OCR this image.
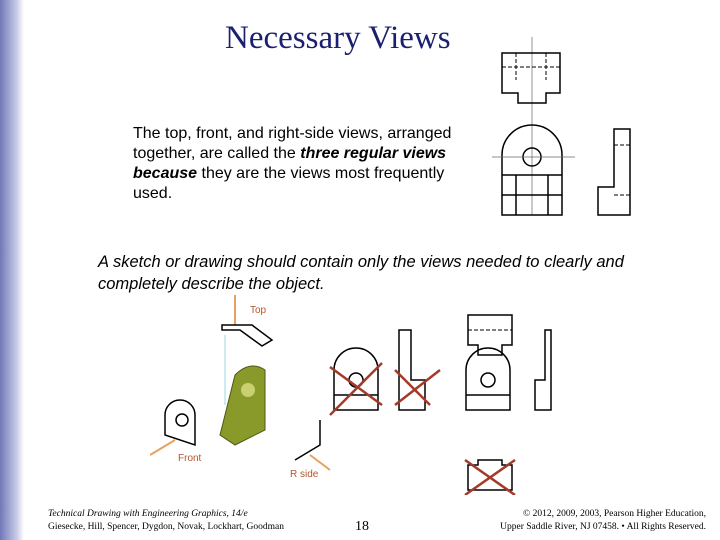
Necessary Views
The top, front, and right-side views, arranged together, are called the three regular views because they are the views most frequently used.
A sketch or drawing should contain only the views needed to clearly and completely describe the object.
Top
Front
R side
Technical Drawing with Engineering Graphics, 14/e
Giesecke, Hill, Spencer, Dygdon, Novak, Lockhart, Goodman	18
© 2012, 2009, 2003, Pearson Higher Education,
Upper Saddle River, NJ 07458. • All Rights Reserved.
